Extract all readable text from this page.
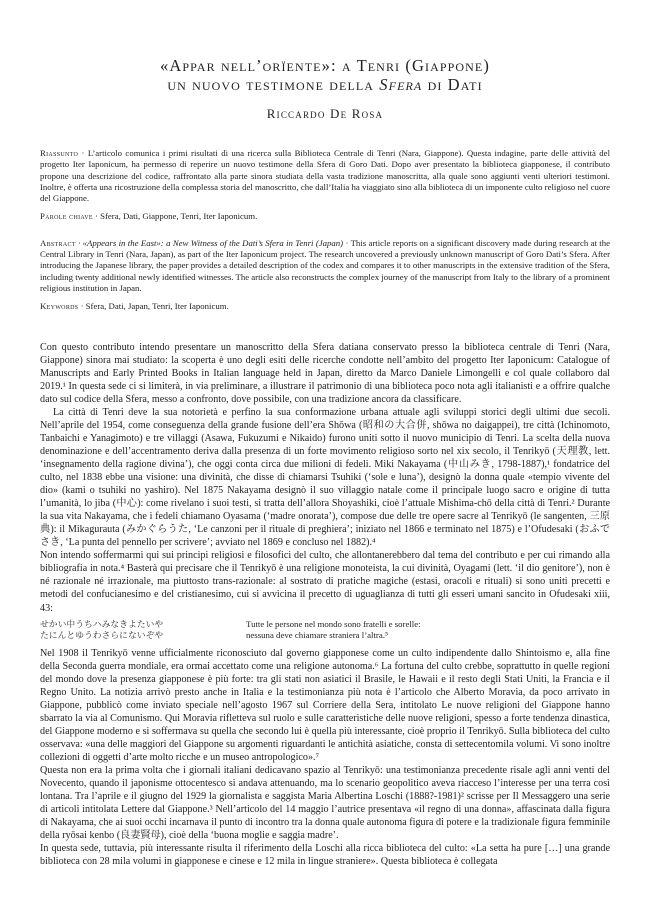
«Appar nell’orïente»: a Tenri (Giappone)
un nuovo testimone della Sfera di Dati
Riccardo De Rosa

Riassunto · L’articolo comunica i primi risultati di una ricerca sulla Biblioteca Centrale di Tenri (Nara, Giappone). Questa indagine, parte delle attività del progetto Iter Iaponicum, ha permesso di reperire un nuovo testimone della Sfera di Goro Dati. Dopo aver presentato la biblioteca giapponese, il contributo propone una descrizione del codice, raffrontato alla parte sinora studiata della vasta tradizione manoscritta, alla quale sono aggiunti venti ulteriori testimoni. Inoltre, è offerta una ricostruzione della complessa storia del manoscritto, che dall’Italia ha viaggiato sino alla biblioteca di un imponente culto religioso nel cuore del Giappone.

Parole chiave · Sfera, Dati, Giappone, Tenri, Iter Iaponicum.

Abstract · «Appears in the East»: a New Witness of the Dati’s Sfera in Tenri (Japan) · This article reports on a significant discovery made during research at the Central Library in Tenri (Nara, Japan), as part of the Iter Iaponicum project. The research uncovered a previously unknown manuscript of Goro Dati’s Sfera. After introducing the Japanese library, the paper provides a detailed description of the codex and compares it to other manuscripts in the extensive tradition of the Sfera, including twenty additional newly identified witnesses. The article also reconstructs the complex journey of the manuscript from Italy to the library of a prominent religious institution in Japan.

Keywords · Sfera, Dati, Japan, Tenri, Iter Iaponicum.

Con questo contributo intendo presentare un manoscritto della Sfera datiana conservato presso la biblioteca centrale di Tenri (Nara, Giappone) sinora mai studiato: la scoperta è uno degli esiti delle ricerche condotte nell’ambito del progetto Iter Iaponicum: Catalogue of Manuscripts and Early Printed Books in Italian language held in Japan, diretto da Marco Daniele Limongelli e col quale collaboro dal 2019.¹ In questa sede ci si limiterà, in via preliminare, a illustrare il patrimonio di una biblioteca poco nota agli italianisti e a offrire qualche dato sul codice della Sfera, messo a confronto, dove possibile, con una tradizione ancora da classificare.

La città di Tenri deve la sua notorietà e perfino la sua conformazione urbana attuale agli sviluppi storici degli ultimi due secoli. Nell’aprile del 1954, come conseguenza della grande fusione dell’era Shōwa (昭和の大合併, shōwa no daigappei), tre città (Ichinomoto, Tanbaichi e Yanagimoto) e tre villaggi (Asawa, Fukuzumi e Nikaido) furono uniti sotto il nuovo municipio di Tenri. La scelta della nuova denominazione e dell’accentramento deriva dalla presenza di un forte movimento religioso sorto nel xix secolo, il Tenrikyō (天理教, lett. ‘insegnamento della ragione divina’), che oggi conta circa due milioni di fedeli. Miki Nakayama (中山みき, 1798-1887),¹ fondatrice del culto, nel 1838 ebbe una visione: una divinità, che disse di chiamarsi Tsuhiki (‘sole e luna’), designò la donna quale «tempio vivente del dio» (kami o tsuhiki no yashiro). Nel 1875 Nakayama designò il suo villaggio natale come il principale luogo sacro e origine di tutta l’umanità, lo jiba (中心): come rivelano i suoi testi, si tratta dell’allora Shoyashiki, cioè l’attuale Mishima-chō della città di Tenri.² Durante la sua vita Nakayama, che i fedeli chiamano Oyasama (‘madre onorata’), compose due delle tre opere sacre al Tenrikyō (le sangenten, 三原典): il Mikagurauta (みかぐらうた, ‘Le canzoni per il rituale di preghiera’; iniziato nel 1866 e terminato nel 1875) e l’Ofudesaki (おふでさき, ‘La punta del pennello per scrivere’; avviato nel 1869 e concluso nel 1882).⁴

Non intendo soffermarmi qui sui principi religiosi e filosofici del culto, che allontanerebbero dal tema del contributo e per cui rimando alla bibliografia in nota.⁴ Basterà qui precisare che il Tenrikyō è una religione monoteista, la cui divinità, Oyagami (lett. ‘il dio genitore’), non è né razionale né irrazionale, ma piuttosto trans-razionale: al sostrato di pratiche magiche (estasi, oracoli e rituali) si sono uniti precetti e metodi del confucianesimo e del cristianesimo, cui si avvicina il precetto di uguaglianza di tutti gli esseri umani sancito in Ofudesaki xiii, 43:

せかい中うちハみなきよたいや
たにんとゆうわさらにないぞや
Tutte le persone nel mondo sono fratelli e sorelle:
nessuna deve chiamare straniera l’altra.⁵

Nel 1908 il Tenrikyō venne ufficialmente riconosciuto dal governo giapponese come un culto indipendente dallo Shintoismo e, alla fine della Seconda guerra mondiale, era ormai accettato come una religione autonoma.⁶ La fortuna del culto crebbe, soprattutto in quelle regioni del mondo dove la presenza giapponese è più forte: tra gli stati non asiatici il Brasile, le Hawaii e il resto degli Stati Uniti, la Francia e il Regno Unito. La notizia arrivò presto anche in Italia e la testimonianza più nota è l’articolo che Alberto Moravia, da poco arrivato in Giappone, pubblicò come inviato speciale nell’agosto 1967 sul Corriere della Sera, intitolato Le nuove religioni del Giappone hanno sbarrato la via al Comunismo. Qui Moravia rifletteva sul ruolo e sulle caratteristiche delle nuove religioni, spesso a forte tendenza dinastica, del Giappone moderno e si soffermava su quella che secondo lui è quella più interessante, cioè proprio il Tenrikyō. Sulla biblioteca del culto osservava: «una delle maggiori del Giappone su argomenti riguardanti le antichità asiatiche, consta di settecentomila volumi. Vi sono inoltre collezioni di oggetti d’arte molto ricche e un museo antropologico».⁷

Questa non era la prima volta che i giornali italiani dedicavano spazio al Tenrikyō: una testimonianza precedente risale agli anni venti del Novecento, quando il japonisme ottocentesco si andava attenuando, ma lo scenario geopolitico aveva riacceso l’interesse per una terra così lontana. Tra l’aprile e il giugno del 1929 la giornalista e saggista Maria Albertina Loschi (1888?-1981)² scrisse per Il Messaggero una serie di articoli intitolata Lettere dal Giappone.³ Nell’articolo del 14 maggio l’autrice presentava «il regno di una donna», affascinata dalla figura di Nakayama, che ai suoi occhi incarnava il punto di incontro tra la donna quale autonoma figura di potere e la tradizionale figura femminile della ryōsai kenbo (良妻賢母), cioè della ‘buona moglie e saggia madre’.

In questa sede, tuttavia, più interessante risulta il riferimento della Loschi alla ricca biblioteca del culto: «La setta ha pure […] una grande biblioteca con 28 mila volumi in giapponese e cinese e 12 mila in lingue straniere». Questa biblioteca è collegata
